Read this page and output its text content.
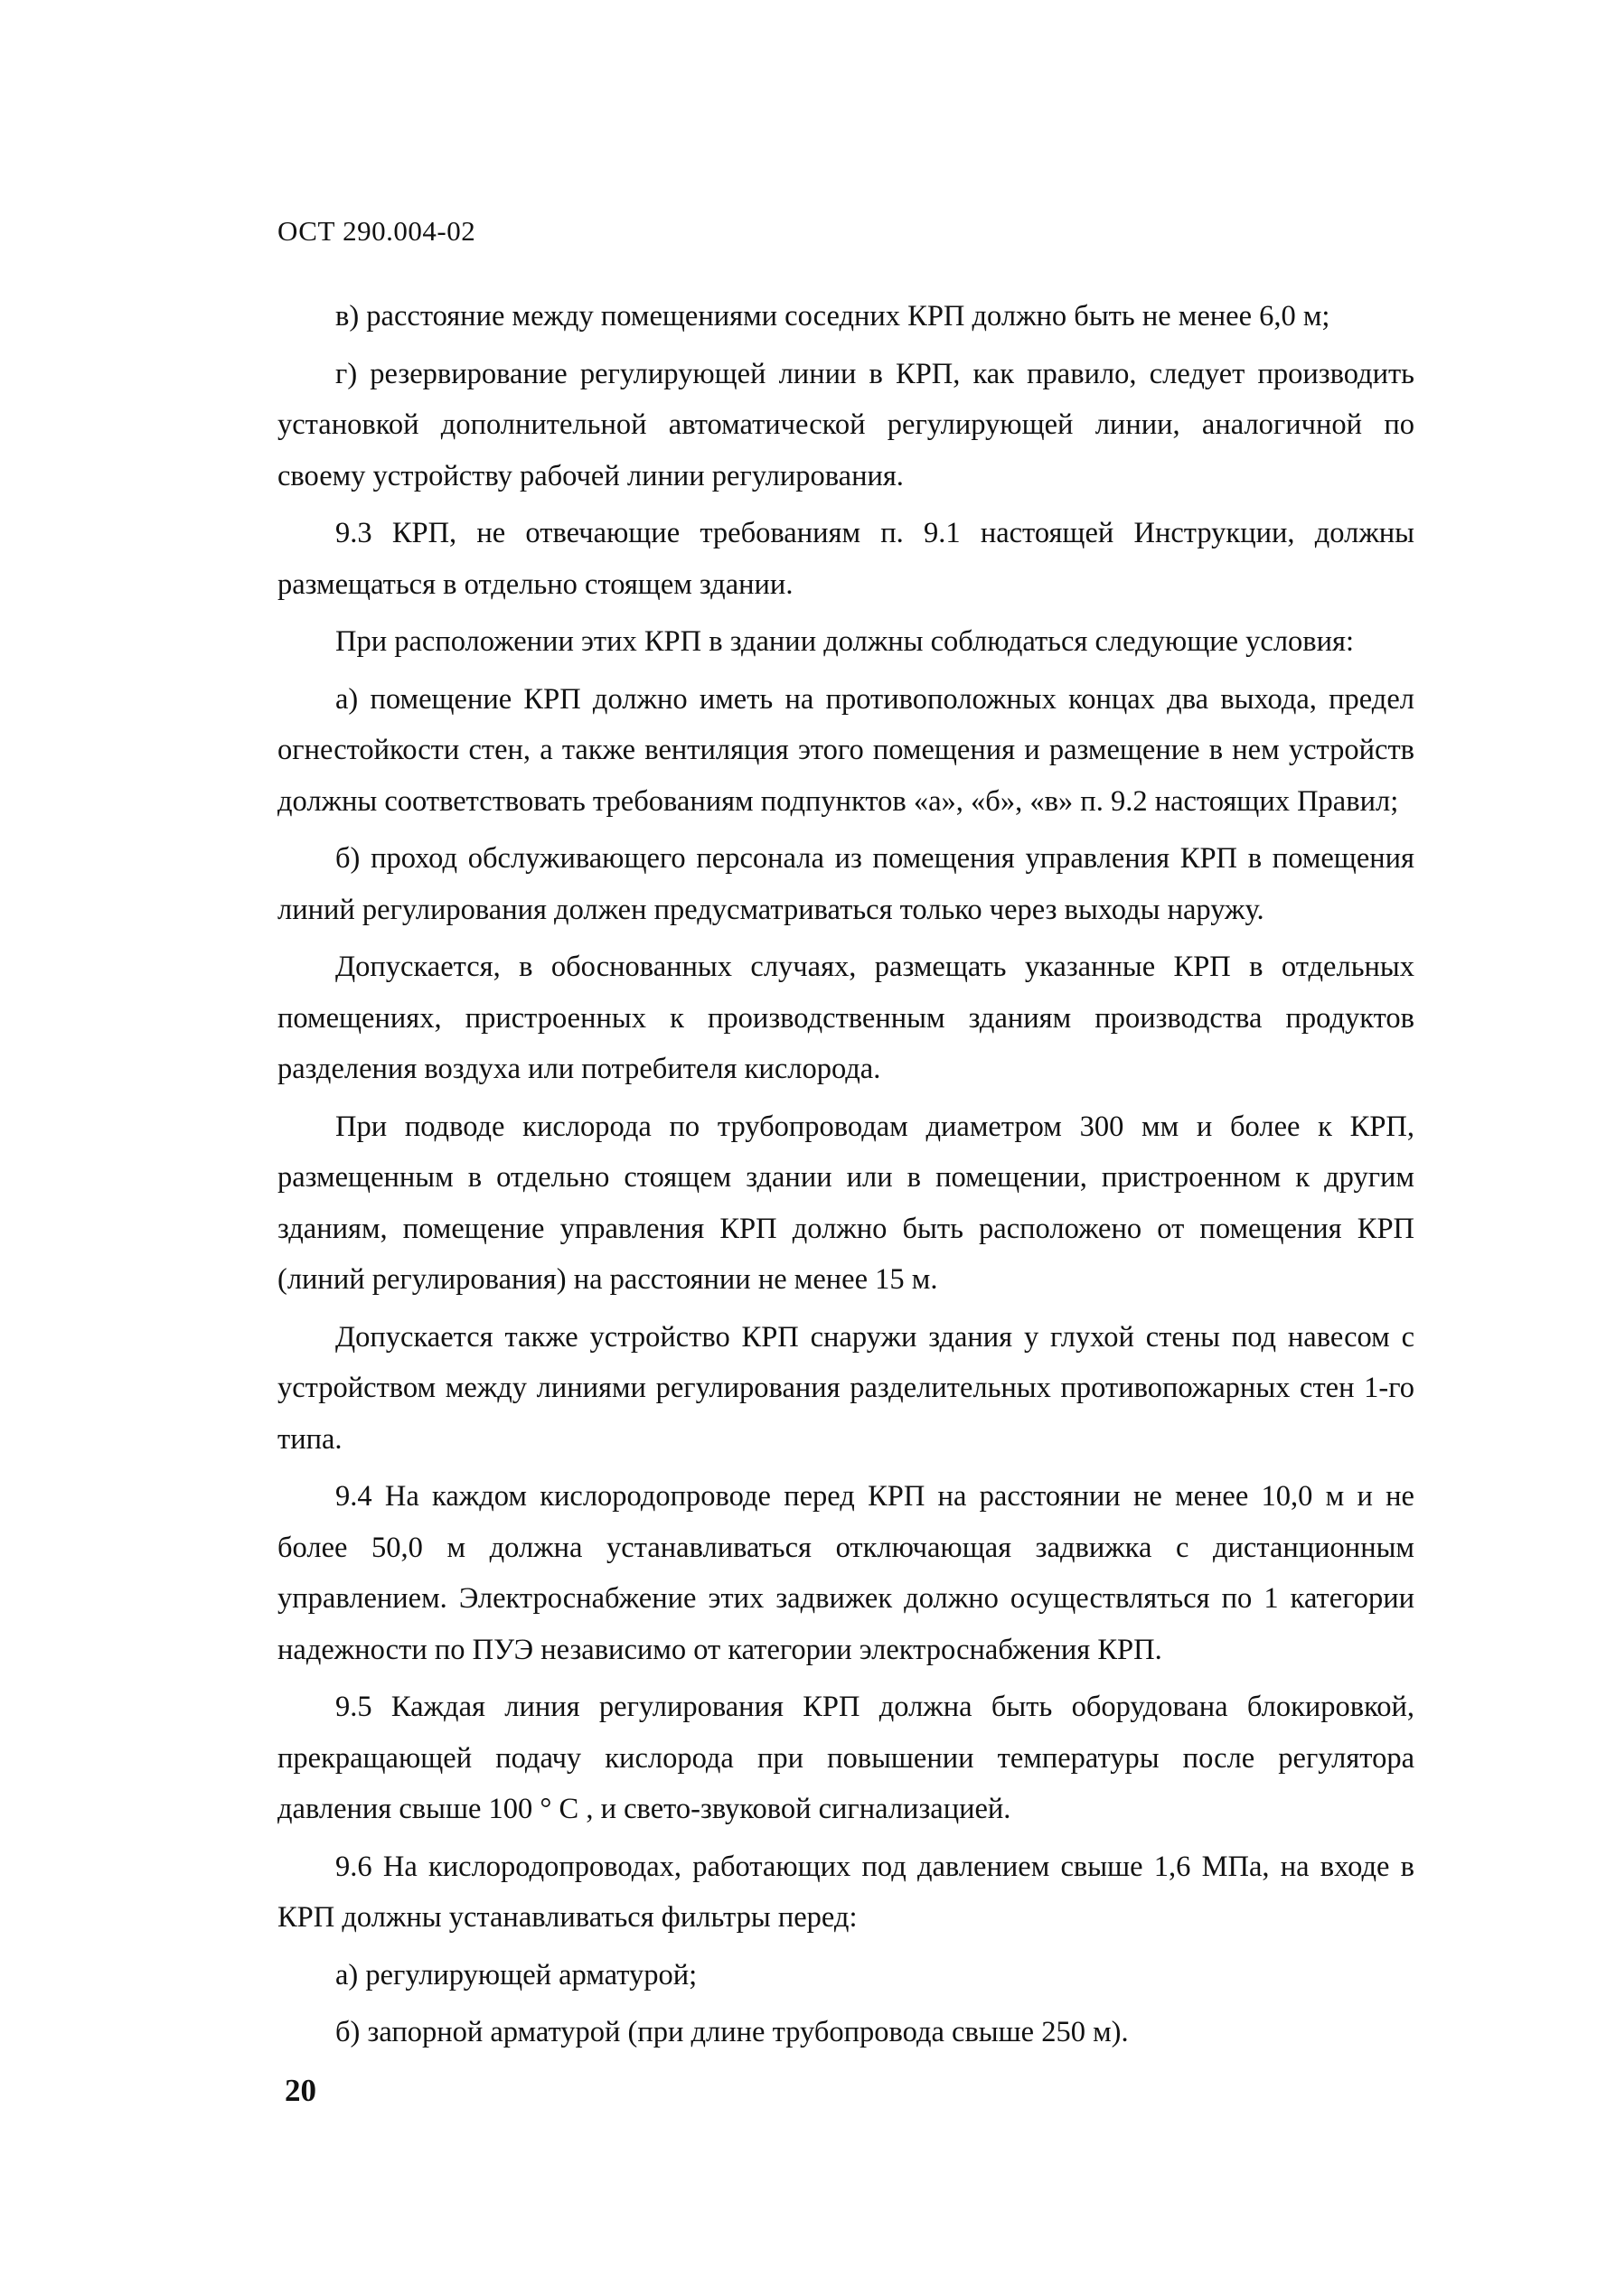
ОСТ 290.004-02

в) расстояние между помещениями соседних КРП должно быть не менее 6,0 м;

г) резервирование регулирующей линии в КРП, как правило, следует производить установкой дополнительной автоматической регулирующей линии, аналогичной по своему устройству рабочей линии регулирования.

9.3 КРП, не отвечающие требованиям п. 9.1 настоящей Инструкции, должны размещаться в отдельно стоящем здании.

При расположении этих КРП в здании должны соблюдаться следующие условия:

а) помещение КРП должно иметь на противоположных концах два выхода, предел огнестойкости стен, а также вентиляция этого помещения и размещение в нем устройств должны соответствовать требованиям подпунктов «а», «б», «в» п. 9.2 настоящих Правил;

б) проход обслуживающего персонала из помещения управления КРП в помещения линий регулирования должен предусматриваться только через выходы наружу.

Допускается, в обоснованных случаях, размещать указанные КРП в отдельных помещениях, пристроенных к производственным зданиям производства продуктов разделения воздуха или потребителя кислорода.

При подводе кислорода по трубопроводам диаметром 300 мм и более к КРП, размещенным в отдельно стоящем здании или в помещении, пристроенном к другим зданиям, помещение управления КРП должно быть расположено от помещения КРП (линий регулирования) на расстоянии не менее 15 м.

Допускается также устройство КРП снаружи здания у глухой стены под навесом с устройством между линиями регулирования разделительных противопожарных стен 1-го типа.

9.4 На каждом кислородопроводе перед КРП на расстоянии не менее 10,0 м и не более 50,0 м должна устанавливаться отключающая задвижка с дистанционным управлением. Электроснабжение этих задвижек должно осуществляться по 1 категории надежности по ПУЭ независимо от категории электроснабжения КРП.

9.5 Каждая линия регулирования КРП должна быть оборудована блокировкой, прекращающей подачу кислорода при повышении температуры после регулятора давления свыше 100 ° С , и свето-звуковой сигнализацией.

9.6 На кислородопроводах, работающих под давлением свыше 1,6 МПа, на входе в КРП должны устанавливаться фильтры перед:

а) регулирующей арматурой;

б) запорной арматурой (при длине трубопровода свыше 250 м).

20
